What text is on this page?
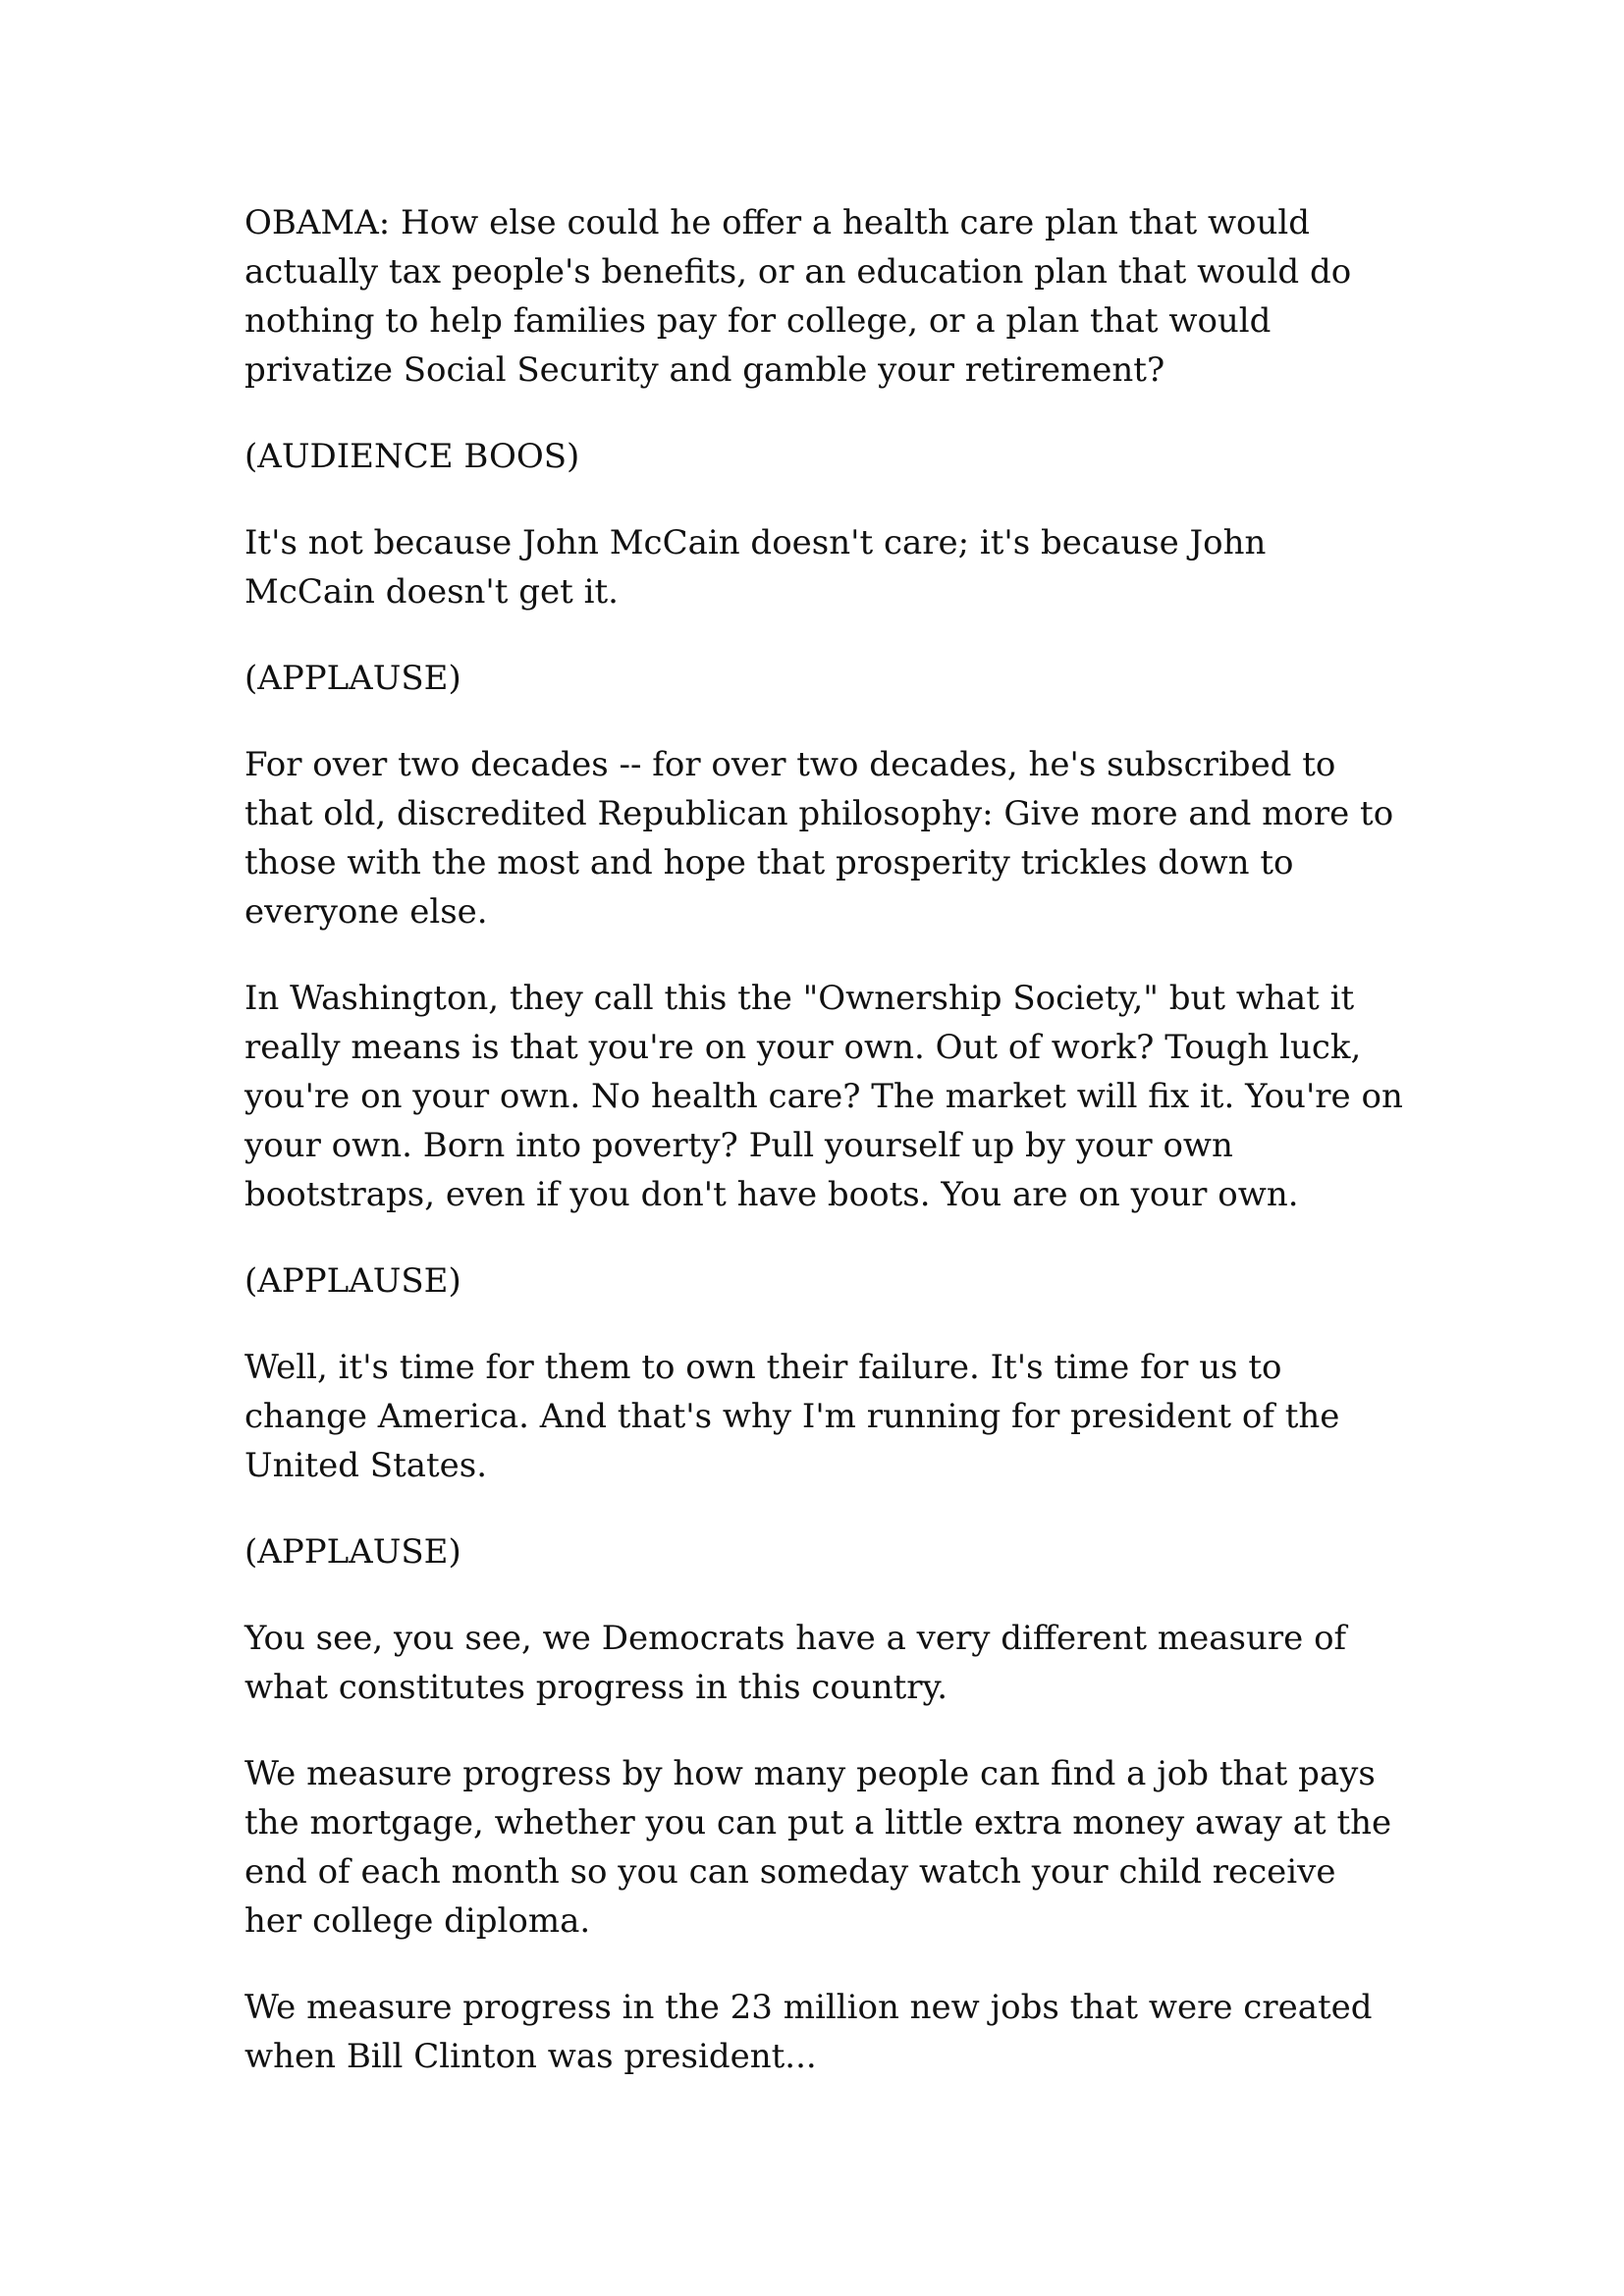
OBAMA: How else could he offer a health care plan that would actually tax people's benefits, or an education plan that would do nothing to help families pay for college, or a plan that would privatize Social Security and gamble your retirement?

(AUDIENCE BOOS)

It's not because John McCain doesn't care; it's because John McCain doesn't get it.

(APPLAUSE)

For over two decades -- for over two decades, he's subscribed to that old, discredited Republican philosophy: Give more and more to those with the most and hope that prosperity trickles down to everyone else.

In Washington, they call this the "Ownership Society," but what it really means is that you're on your own. Out of work? Tough luck, you're on your own. No health care? The market will fix it. You're on your own. Born into poverty? Pull yourself up by your own bootstraps, even if you don't have boots. You are on your own.

(APPLAUSE)

Well, it's time for them to own their failure. It's time for us to change America. And that's why I'm running for president of the United States.

(APPLAUSE)

You see, you see, we Democrats have a very different measure of what constitutes progress in this country.

We measure progress by how many people can find a job that pays the mortgage, whether you can put a little extra money away at the end of each month so you can someday watch your child receive her college diploma.

We measure progress in the 23 million new jobs that were created when Bill Clinton was president...
